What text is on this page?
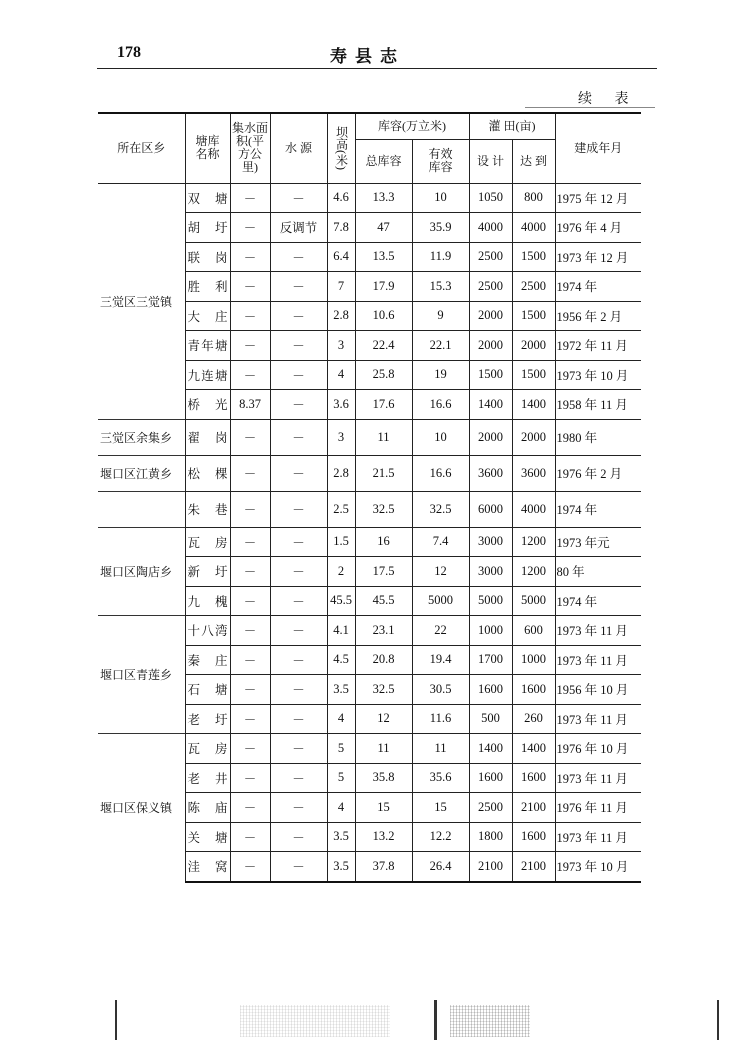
178	寿县志
续 表
所在区乡	塘库名称	集水面积(平方公里)	水 源	坝高(米)	库容(万立米)		灌 田(亩)		建成年月
					总库容	有效库容	设 计	达 到	
三觉区三觉镇	双　塘	－	－	4.6	13.3	10	1050	800	1975 年 12 月
	胡　圩	－	反调节	7.8	47	35.9	4000	4000	1976 年 4 月
	联　岗	－	－	6.4	13.5	11.9	2500	1500	1973 年 12 月
	胜　利	－	－	7	17.9	15.3	2500	2500	1974 年
	大　庄	－	－	2.8	10.6	9	2000	1500	1956 年 2 月
	青年塘	－	－	3	22.4	22.1	2000	2000	1972 年 11 月
	九连塘	－	－	4	25.8	19	1500	1500	1973 年 10 月
	桥　光	8.37	－	3.6	17.6	16.6	1400	1400	1958 年 11 月
三觉区余集乡	翟　岗	－	－	3	11	10	2000	2000	1980 年
堰口区江黄乡	松　棵	－	－	2.8	21.5	16.6	3600	3600	1976 年 2 月
	朱　巷	－	－	2.5	32.5	32.5	6000	4000	1974 年
堰口区陶店乡	瓦　房	－	－	1.5	16	7.4	3000	1200	1973 年元
	新　圩	－	－	2	17.5	12	3000	1200	80 年
	九　槐	－	－	45.5	45.5	5000	5000	5000	1974 年
堰口区青莲乡	十八湾	－	－	4.1	23.1	22	1000	600	1973 年 11 月
	秦　庄	－	－	4.5	20.8	19.4	1700	1000	1973 年 11 月
	石　塘	－	－	3.5	32.5	30.5	1600	1600	1956 年 10 月
	老　圩	－	－	4	12	11.6	500	260	1973 年 11 月
堰口区保义镇	瓦　房	－	－	5	11	11	1400	1400	1976 年 10 月
	老　井	－	－	5	35.8	35.6	1600	1600	1973 年 11 月
	陈　庙	－	－	4	15	15	2500	2100	1976 年 11 月
	关　塘	－	－	3.5	13.2	12.2	1800	1600	1973 年 11 月
	洼　窝	－	－	3.5	37.8	26.4	2100	2100	1973 年 10 月
